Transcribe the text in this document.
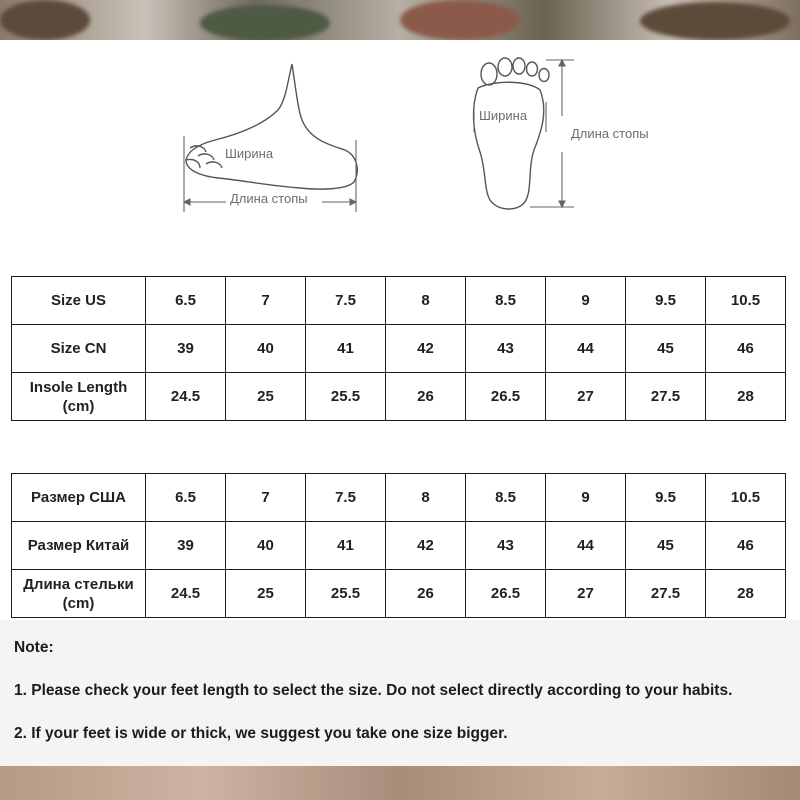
Ширина
Длина стопы
Ширина
Длина стопы
Size US	6.5	7	7.5	8	8.5	9	9.5	10.5
Size CN	39	40	41	42	43	44	45	46
Insole Length
(cm)	24.5	25	25.5	26	26.5	27	27.5	28
Размер США	6.5	7	7.5	8	8.5	9	9.5	10.5
Размер Китай	39	40	41	42	43	44	45	46
Длина стельки
(cm)	24.5	25	25.5	26	26.5	27	27.5	28
Note:
1. Please check your feet length to select the size. Do not select directly according to your habits.
2. If your feet is wide or thick, we suggest you take one size bigger.
